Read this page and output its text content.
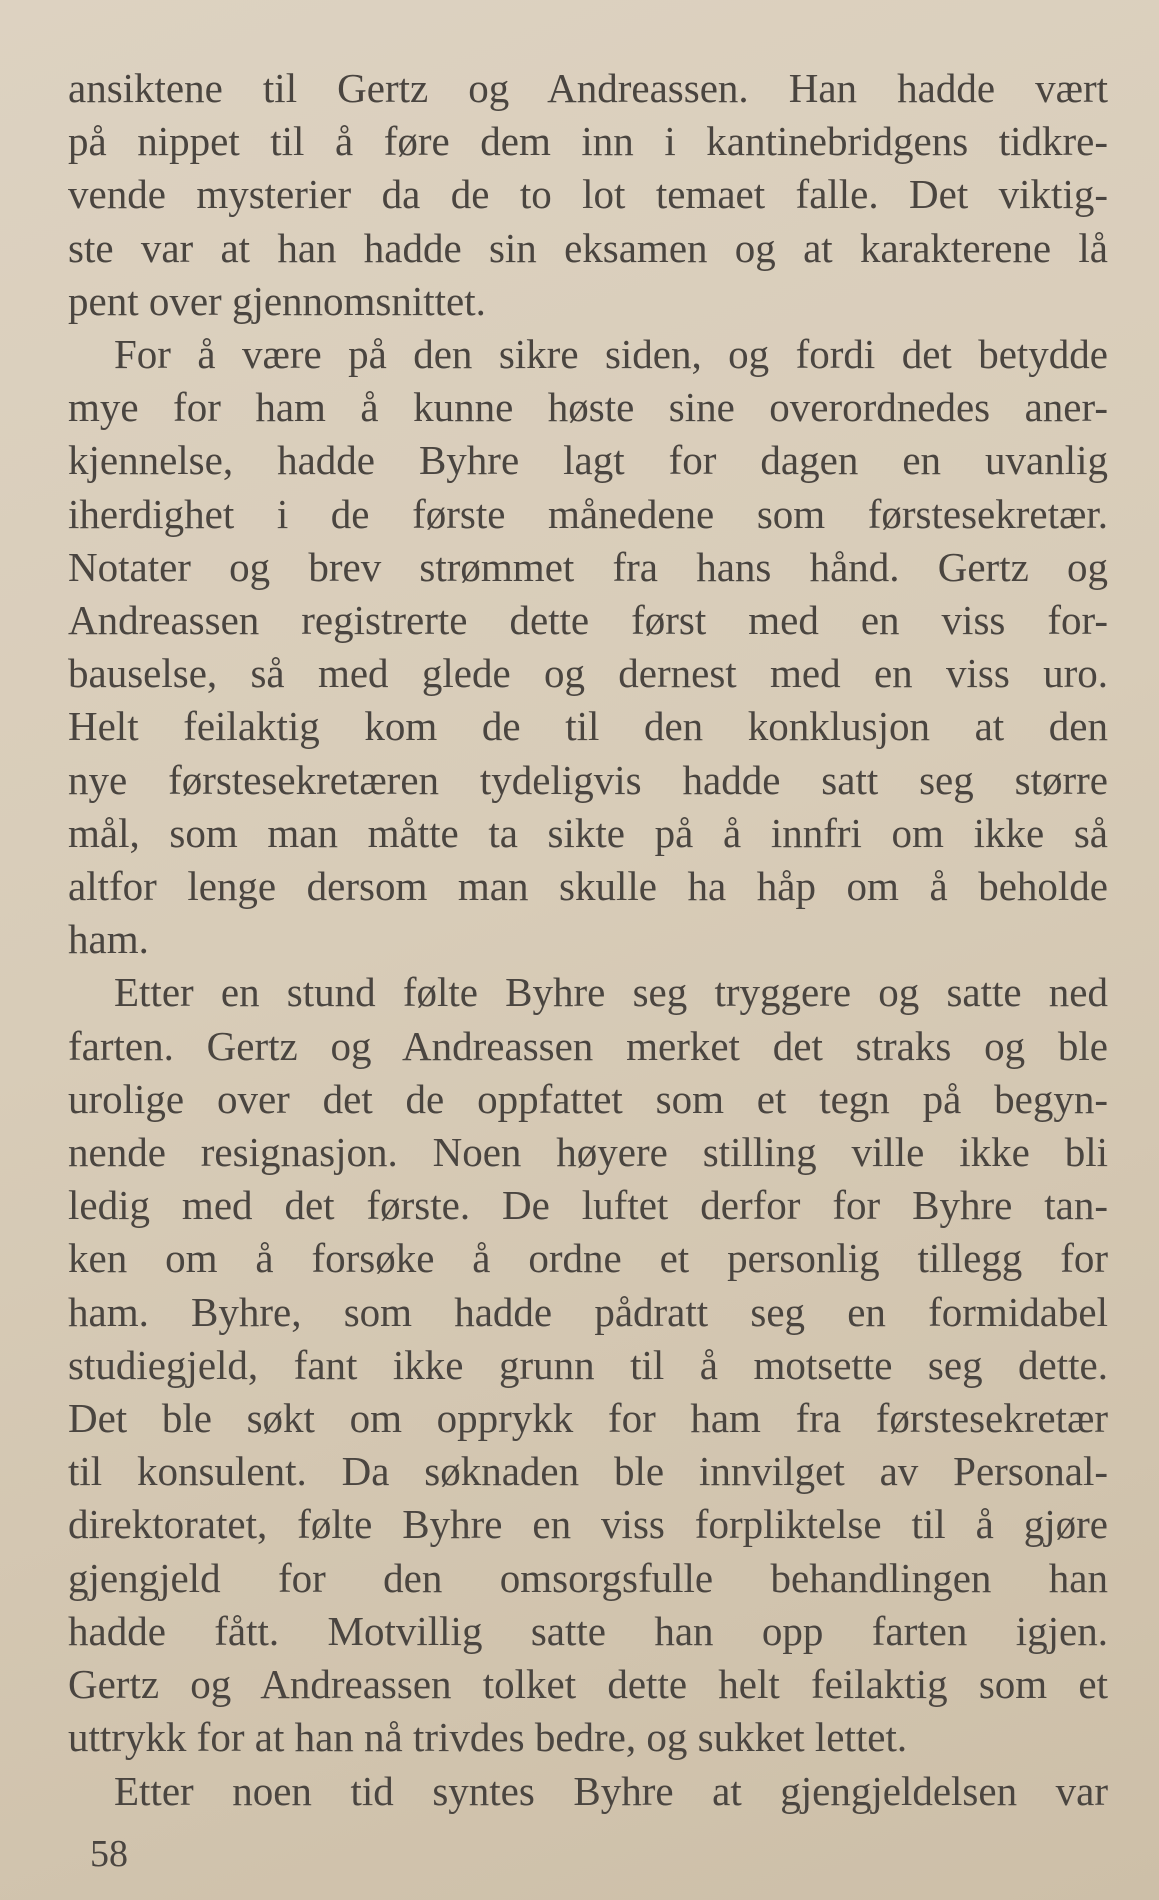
ansiktene til Gertz og Andreassen. Han hadde vært
på nippet til å føre dem inn i kantinebridgens tidkre-
vende mysterier da de to lot temaet falle. Det viktig-
ste var at han hadde sin eksamen og at karakterene lå
pent over gjennomsnittet.
For å være på den sikre siden, og fordi det betydde
mye for ham å kunne høste sine overordnedes aner-
kjennelse, hadde Byhre lagt for dagen en uvanlig
iherdighet i de første månedene som førstesekretær.
Notater og brev strømmet fra hans hånd. Gertz og
Andreassen registrerte dette først med en viss for-
bauselse, så med glede og dernest med en viss uro.
Helt feilaktig kom de til den konklusjon at den
nye førstesekretæren tydeligvis hadde satt seg større
mål, som man måtte ta sikte på å innfri om ikke så
altfor lenge dersom man skulle ha håp om å beholde
ham.
Etter en stund følte Byhre seg tryggere og satte ned
farten. Gertz og Andreassen merket det straks og ble
urolige over det de oppfattet som et tegn på begyn-
nende resignasjon. Noen høyere stilling ville ikke bli
ledig med det første. De luftet derfor for Byhre tan-
ken om å forsøke å ordne et personlig tillegg for
ham. Byhre, som hadde pådratt seg en formidabel
studiegjeld, fant ikke grunn til å motsette seg dette.
Det ble søkt om opprykk for ham fra førstesekretær
til konsulent. Da søknaden ble innvilget av Personal-
direktoratet, følte Byhre en viss forpliktelse til å gjøre
gjengjeld for den omsorgsfulle behandlingen han
hadde fått. Motvillig satte han opp farten igjen.
Gertz og Andreassen tolket dette helt feilaktig som et
uttrykk for at han nå trivdes bedre, og sukket lettet.
Etter noen tid syntes Byhre at gjengjeldelsen var
58
